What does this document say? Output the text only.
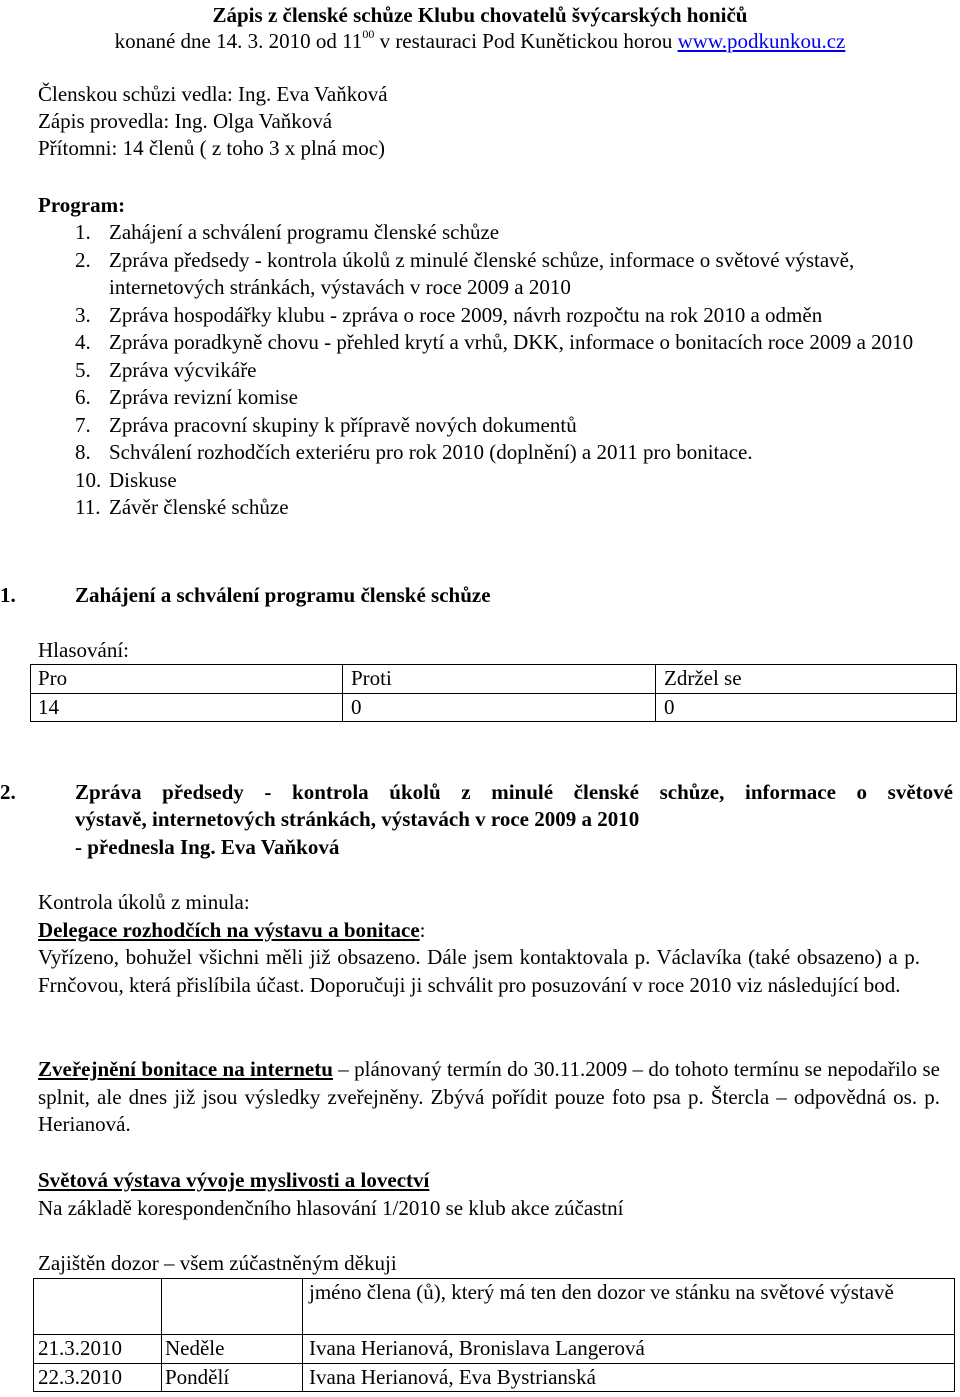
Zápis z členské schůze Klubu chovatelů švýcarských honičů
konané dne 14. 3. 2010 od $11^{00}$ v restauraci Pod Kunětickou horou www.podkunkou.cz
Členskou schůzi vedla: Ing. Eva Vaňková
Zápis provedla: Ing. Olga Vaňková
Přítomni: 14 členů ( z toho 3 x plná moc)
Program:
1. Zahájení a schválení programu členské schůze
2. Zpráva předsedy - kontrola úkolů z minulé členské schůze, informace o světové výstavě, internetových stránkách, výstavách v roce 2009 a 2010
3. Zpráva hospodářky klubu - zpráva o roce 2009, návrh rozpočtu na rok 2010 a odměn
4. Zpráva poradkyně chovu - přehled krytí a vrhů, DKK, informace o bonitacích roce 2009 a 2010
5. Zpráva výcvikáře
6. Zpráva revizní komise
7. Zpráva pracovní skupiny k přípravě nových dokumentů
8. Schválení rozhodčích exteriéru pro rok 2010 (doplnění) a 2011 pro bonitace.
10. Diskuse
11. Závěr členské schůze
1.	Zahájení a schválení programu členské schůze
Hlasování:
Pro	Proti	Zdržel se
14	0	0
2.	Zpráva předsedy - kontrola úkolů z minulé členské schůze, informace o světové
výstavě, internetových stránkách, výstavách v roce 2009 a 2010
- přednesla Ing. Eva Vaňková
Kontrola úkolů z minula:
Delegace rozhodčích na výstavu a bonitace:
Vyřízeno, bohužel všichni měli již obsazeno. Dále jsem kontaktovala p. Václavíka (také obsazeno) a p. Frnčovou, která přislíbila účast. Doporučuji ji schválit pro posuzování v roce 2010 viz následující bod.
Zveřejnění bonitace na internetu – plánovaný termín do 30.11.2009 – do tohoto termínu se nepodařilo se splnit, ale dnes již jsou výsledky zveřejněny. Zbývá pořídit pouze foto psa p. Štercla – odpovědná os. p. Herianová.
Světová výstava vývoje myslivosti a lovectví
Na základě korespondenčního hlasování 1/2010 se klub akce zúčastní
Zajištěn dozor – všem zúčastněným děkuji
		jméno člena (ů), který má ten den dozor ve stánku na světové výstavě
21.3.2010	Neděle	Ivana Herianová, Bronislava Langerová
22.3.2010	Pondělí	Ivana Herianová, Eva Bystrianská
